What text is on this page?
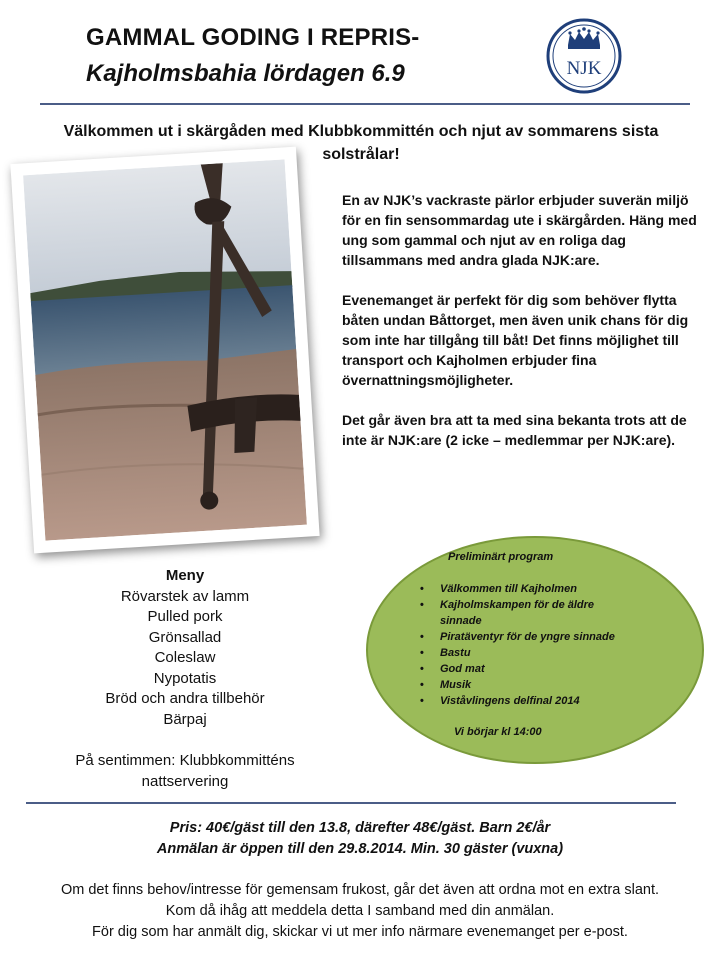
GAMMAL GODING I REPRIS-
Kajholmsbahia lördagen 6.9	NJK
Välkommen ut i skärgåden med Klubbkommittén och njut av sommarens sista solstrålar!

En av NJK’s vackraste pärlor erbjuder suverän miljö för en fin sensommardag ute i skärgården. Häng med ung som gammal och njut av en roliga dag tillsammans med andra glada NJK:are.

Evenemanget är perfekt för dig som behöver flytta båten undan Båttorget, men även unik chans för dig som inte har tillgång till båt! Det finns möjlighet till transport och Kajholmen erbjuder fina övernattningsmöjligheter.

Det går även bra att ta med sina bekanta trots att de inte är NJK:are (2 icke – medlemmar per NJK:are).

Meny
Rövarstek av lamm
Pulled pork
Grönsallad
Coleslaw
Nypotatis
Bröd och andra tillbehör
Bärpaj
På sentimmen: Klubbkommitténs
nattservering
Preliminärt program
• Välkommen till Kajholmen
• Kajholmskampen för de äldre sinnade
• Piratäventyr för de yngre sinnade
• Bastu
• God mat
• Musik
• Viståvlingens delfinal 2014
Vi börjar kl 14:00
Pris: 40€/gäst till den 13.8, därefter 48€/gäst. Barn 2€/år
Anmälan är öppen till den 29.8.2014. Min. 30 gäster (vuxna)
Om det finns behov/intresse för gemensam frukost, går det även att ordna mot en extra slant.
Kom då ihåg att meddela detta I samband med din anmälan.
För dig som har anmält dig, skickar vi ut mer info närmare evenemanget per e-post.
